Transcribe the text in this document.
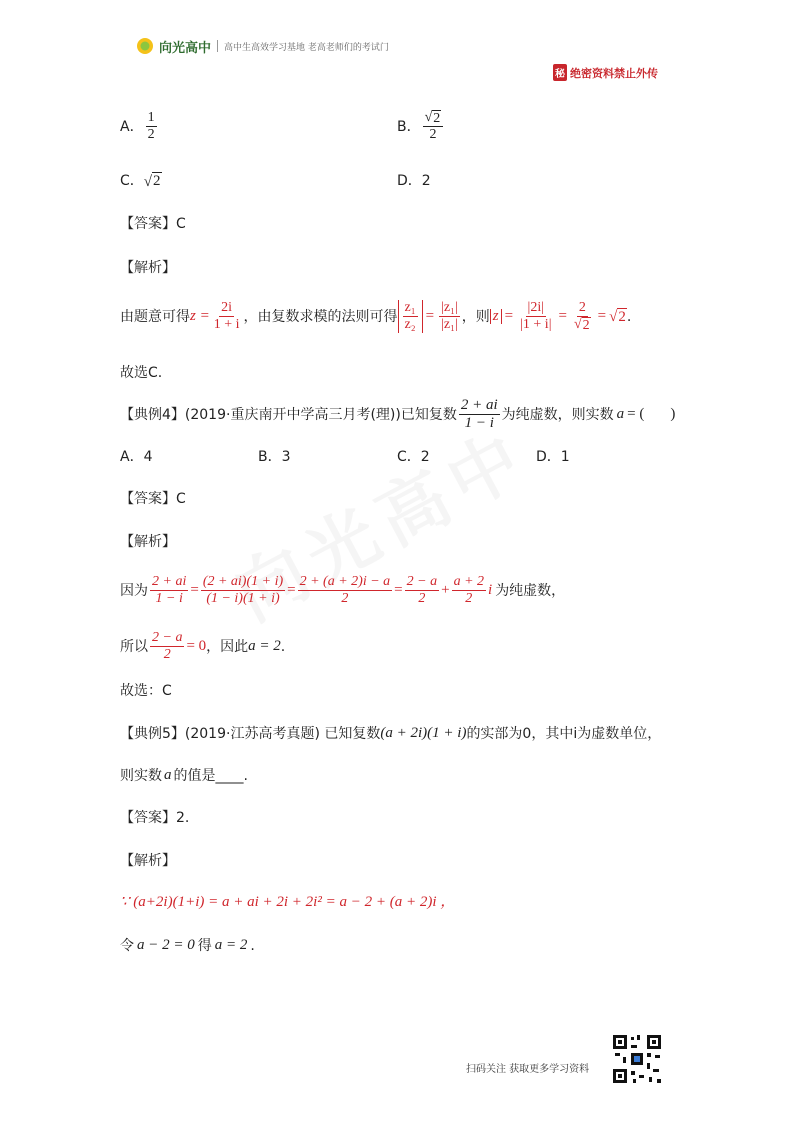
向光高中 高中生高效学习基地 老高老师们的考试门
秘 绝密资料禁止外传
A． $\frac{1}{2}$	B． $\frac{√ 2}{2}$
C． √ 2	D． 2
【答案】C
【解析】
由题意可得 $z = \frac{2i}{1 + i}$ ，由复数求模的法则可得 $\frac{\text{z₁}}{\text{z₂}} = \frac{\text{|z₁|}}{\text{|z₁|}}$ ，则 $z = \frac{|2i|}{|1 + i|} = \frac{2}{√ 2}$ = √ 2 .
故选C.
【典例4】(2019·重庆南开中学高三月考(理))已知复数 $\frac{2 + ai}{1 - i}$ 为纯虚数，则实数 a = ( )
A．4	B．3	C．2	D．1
【答案】C
【解析】
因为 $\frac{2 + ai}{1 - i} = \frac{(2 + ai)(1 + i)}{(1 - i)(1 + i)} = \frac{2 + (a + 2)i - a}{2} = \frac{2 - a}{2} + \frac{a + 2}{2}$ i 为纯虚数，
所以 $\frac{2 - a}{2} = 0$ ，因此 a = 2 .
故选：C
【典例5】(2019·江苏高考真题) 已知复数 (a + 2i)(1 + i) 的实部为0，其中i为虚数单位，
则实数 a 的值是____.
【答案】2.
【解析】
∵ (a+2i)(1+i) = a + ai + 2i + 2i² = a − 2 + (a + 2)i ，
令 a − 2 = 0 得 a = 2 .
扫码关注 获取更多学习资料
